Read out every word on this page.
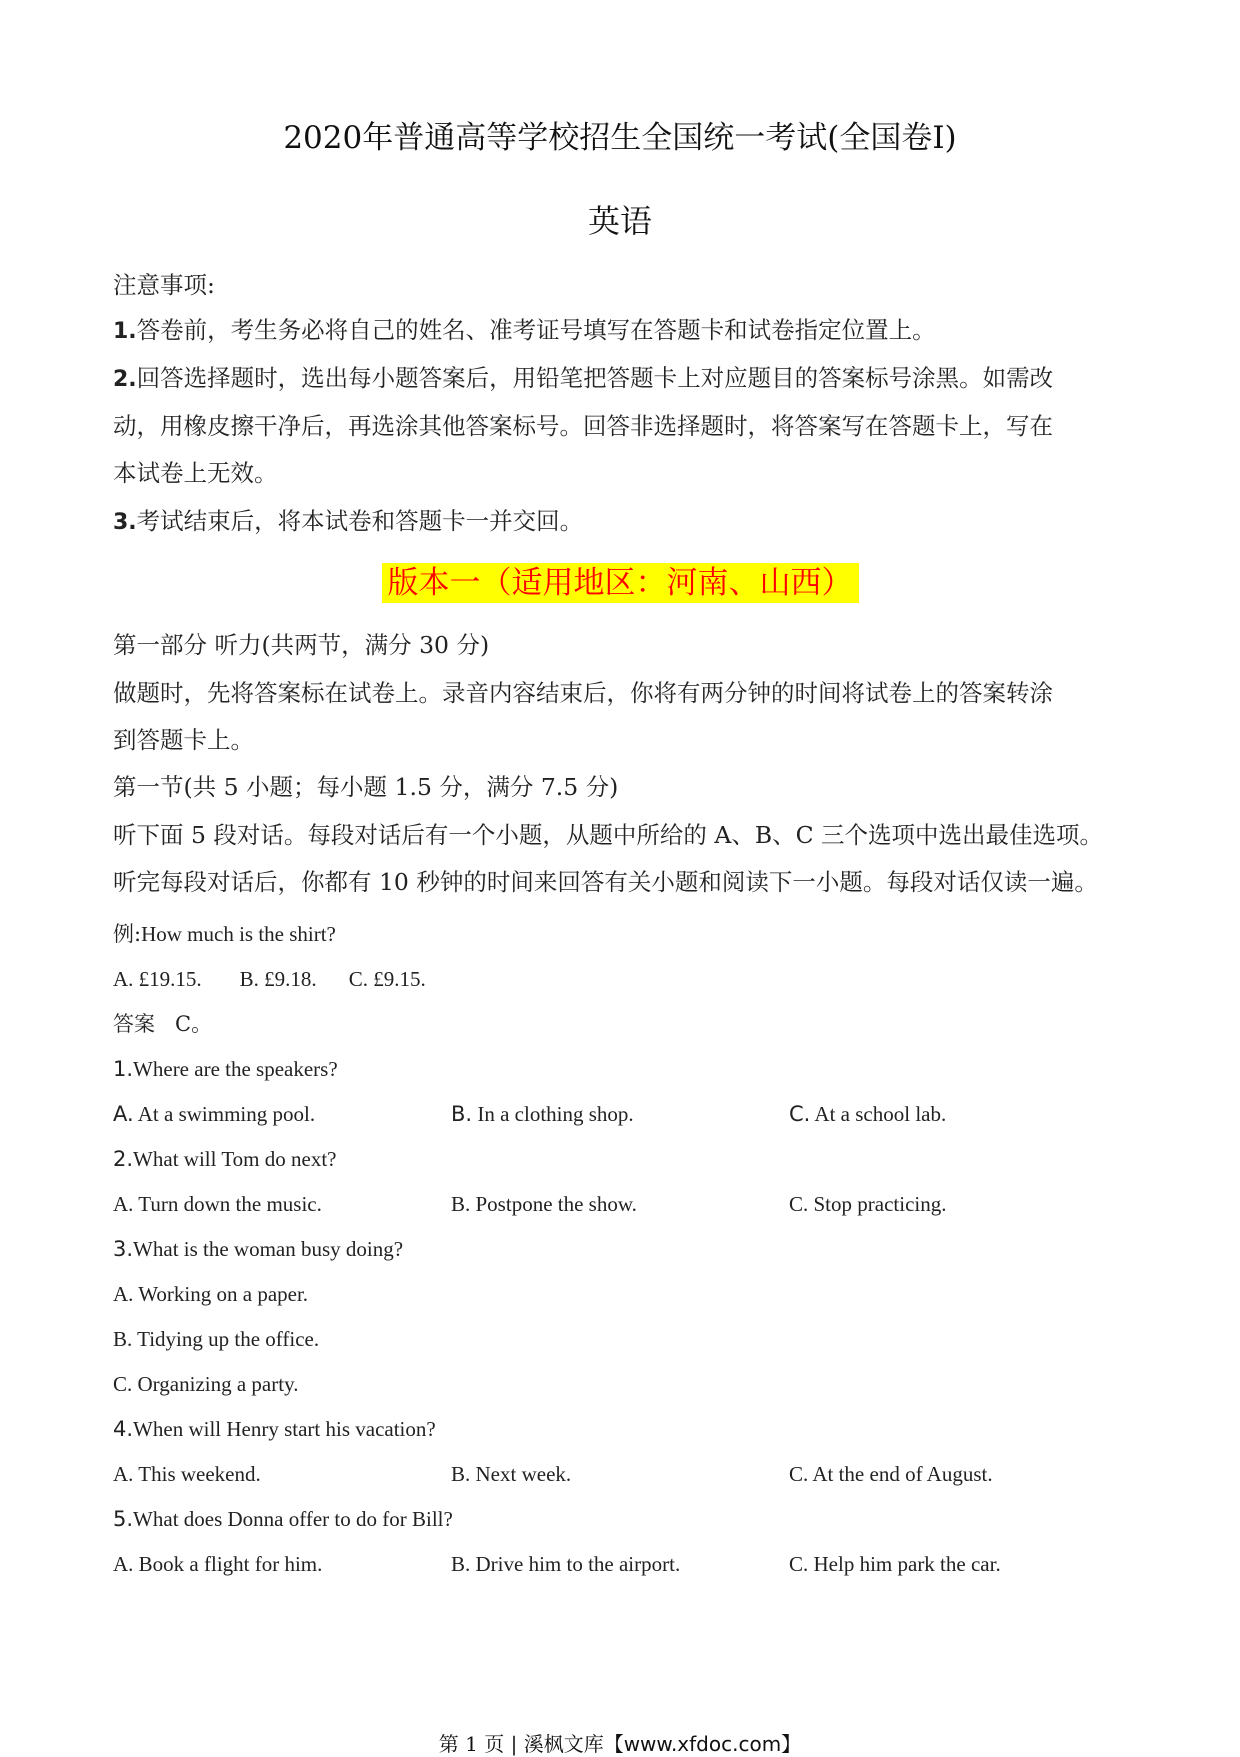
2020年普通高等学校招生全国统一考试(全国卷I)
英语
注意事项:
1.答卷前，考生务必将自己的姓名、准考证号填写在答题卡和试卷指定位置上。
2.回答选择题时，选出每小题答案后，用铅笔把答题卡上对应题目的答案标号涂黑。如需改
动，用橡皮擦干净后，再选涂其他答案标号。回答非选择题时，将答案写在答题卡上，写在
本试卷上无效。
3.考试结束后，将本试卷和答题卡一并交回。
版本一（适用地区：河南、山西）
第一部分 听力(共两节，满分 30 分)
做题时，先将答案标在试卷上。录音内容结束后，你将有两分钟的时间将试卷上的答案转涂
到答题卡上。
第一节(共 5 小题；每小题 1.5 分，满分 7.5 分)
听下面 5 段对话。每段对话后有一个小题，从题中所给的 A、B、C 三个选项中选出最佳选项。
听完每段对话后，你都有 10 秒钟的时间来回答有关小题和阅读下一小题。每段对话仅读一遍。
例:How much is the shirt?
A. £19.15. B. £9.18. C. £9.15.
答案 C。
1.Where are the speakers?
A. At a swimming pool.	B. In a clothing shop.	C. At a school lab.
2.What will Tom do next?
A. Turn down the music.	B. Postpone the show.	C. Stop practicing.
3.What is the woman busy doing?
A. Working on a paper.
B. Tidying up the office.
C. Organizing a party.
4.When will Henry start his vacation?
A. This weekend.	B. Next week.	C. At the end of August.
5.What does Donna offer to do for Bill?
A. Book a flight for him.	B. Drive him to the airport.	C. Help him park the car.
第 1 页 | 溪枫文库【www.xfdoc.com】
